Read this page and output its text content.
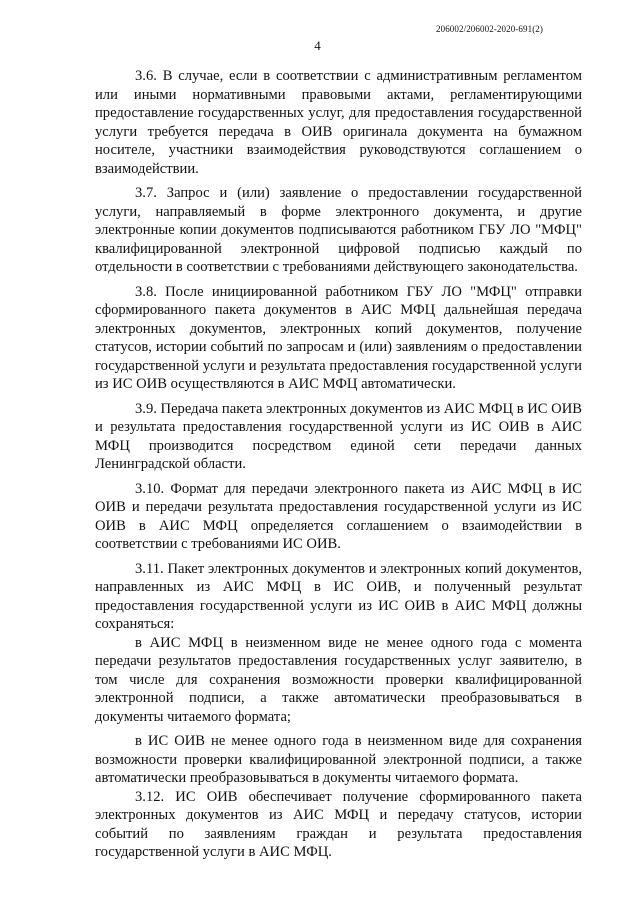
206002/206002-2020-691(2)
4

3.6. В случае, если в соответствии с административным регламентом или иными нормативными правовыми актами, регламентирующими предоставление государственных услуг, для предоставления государственной услуги требуется передача в ОИВ оригинала документа на бумажном носителе, участники взаимодействия руководствуются соглашением о взаимодействии.

3.7. Запрос и (или) заявление о предоставлении государственной услуги, направляемый в форме электронного документа, и другие электронные копии документов подписываются работником ГБУ ЛО "МФЦ" квалифицированной электронной цифровой подписью каждый по отдельности в соответствии с требованиями действующего законодательства.

3.8. После инициированной работником ГБУ ЛО "МФЦ" отправки сформированного пакета документов в АИС МФЦ дальнейшая передача электронных документов, электронных копий документов, получение статусов, истории событий по запросам и (или) заявлениям о предоставлении государственной услуги и результата предоставления государственной услуги из ИС ОИВ осуществляются в АИС МФЦ автоматически.

3.9. Передача пакета электронных документов из АИС МФЦ в ИС ОИВ и результата предоставления государственной услуги из ИС ОИВ в АИС МФЦ производится посредством единой сети передачи данных Ленинградской области.

3.10. Формат для передачи электронного пакета из АИС МФЦ в ИС ОИВ и передачи результата предоставления государственной услуги из ИС ОИВ в АИС МФЦ определяется соглашением о взаимодействии в соответствии с требованиями ИС ОИВ.

3.11. Пакет электронных документов и электронных копий документов, направленных из АИС МФЦ в ИС ОИВ, и полученный результат предоставления государственной услуги из ИС ОИВ в АИС МФЦ должны сохраняться:

в АИС МФЦ в неизменном виде не менее одного года с момента передачи результатов предоставления государственных услуг заявителю, в том числе для сохранения возможности проверки квалифицированной электронной подписи, а также автоматически преобразовываться в документы читаемого формата;

в ИС ОИВ не менее одного года в неизменном виде для сохранения возможности проверки квалифицированной электронной подписи, а также автоматически преобразовываться в документы читаемого формата.

3.12. ИС ОИВ обеспечивает получение сформированного пакета электронных документов из АИС МФЦ и передачу статусов, истории событий по заявлениям граждан и результата предоставления государственной услуги в АИС МФЦ.
